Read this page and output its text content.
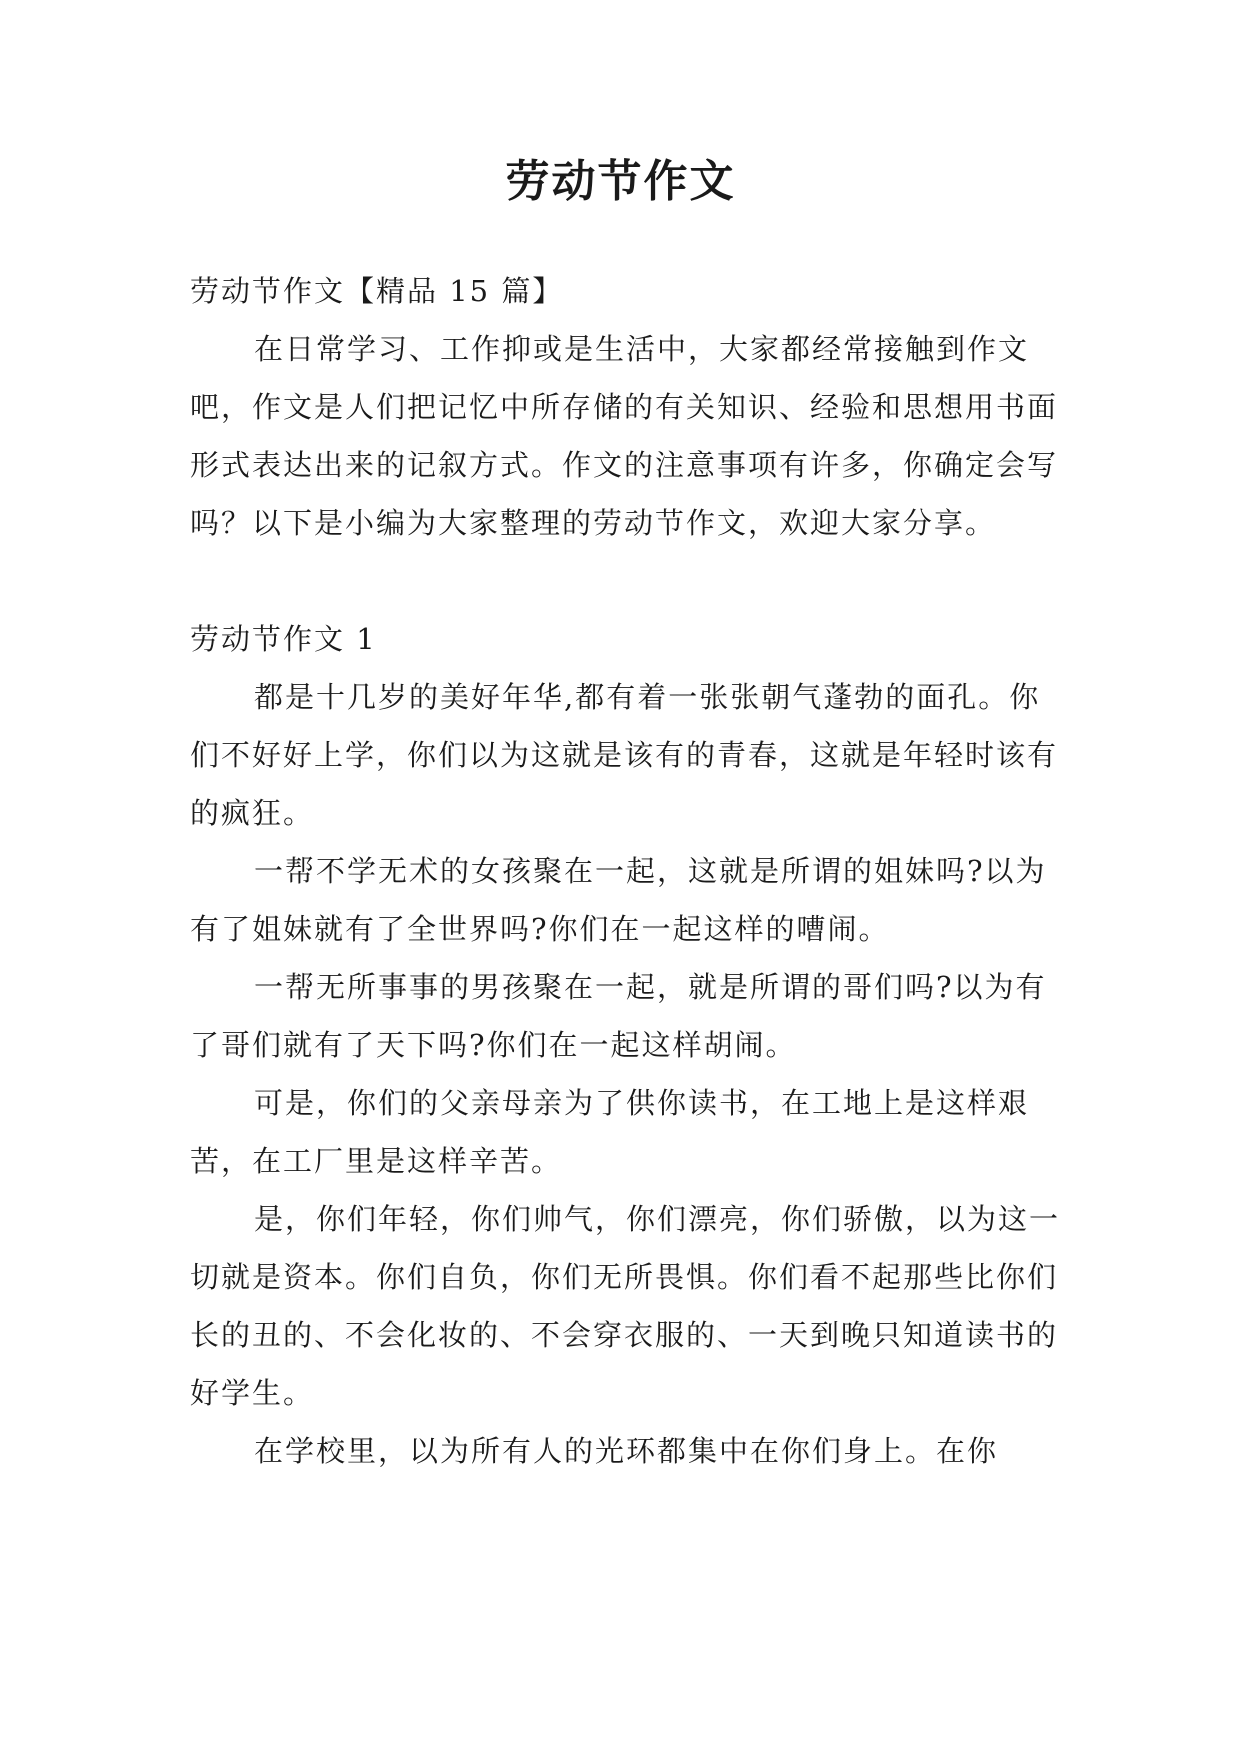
劳动节作文

劳动节作文【精品 15 篇】

在日常学习、工作抑或是生活中，大家都经常接触到作文吧，作文是人们把记忆中所存储的有关知识、经验和思想用书面形式表达出来的记叙方式。作文的注意事项有许多，你确定会写吗？以下是小编为大家整理的劳动节作文，欢迎大家分享。

劳动节作文 1

都是十几岁的美好年华,都有着一张张朝气蓬勃的面孔。你们不好好上学，你们以为这就是该有的青春，这就是年轻时该有的疯狂。

一帮不学无术的女孩聚在一起，这就是所谓的姐妹吗?以为有了姐妹就有了全世界吗?你们在一起这样的嘈闹。

一帮无所事事的男孩聚在一起，就是所谓的哥们吗?以为有了哥们就有了天下吗?你们在一起这样胡闹。

可是，你们的父亲母亲为了供你读书，在工地上是这样艰苦，在工厂里是这样辛苦。

是，你们年轻，你们帅气，你们漂亮，你们骄傲，以为这一切就是资本。你们自负，你们无所畏惧。你们看不起那些比你们长的丑的、不会化妆的、不会穿衣服的、一天到晚只知道读书的好学生。

在学校里，以为所有人的光环都集中在你们身上。在你
